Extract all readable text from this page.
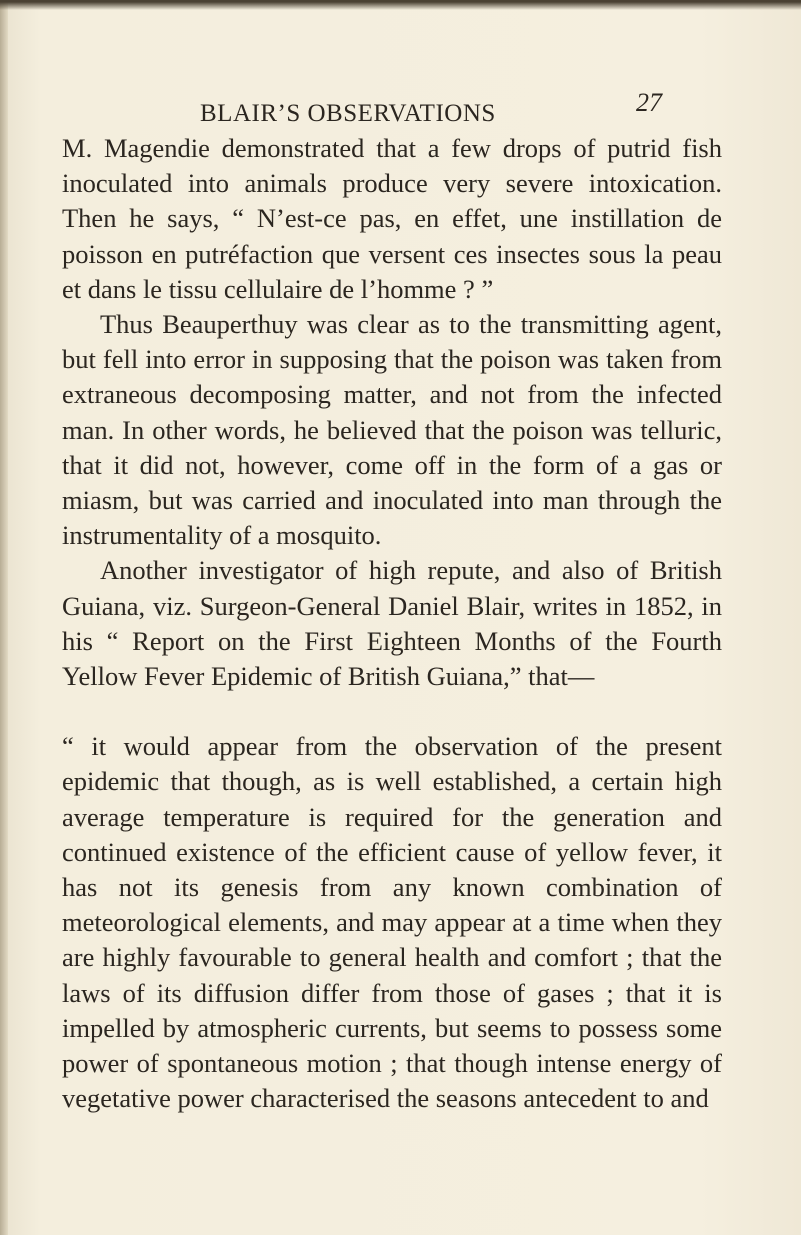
BLAIR’S OBSERVATIONS	27

M. Magendie demonstrated that a few drops of putrid fish inoculated into animals produce very severe intoxication. Then he says, “ N’est-ce pas, en effet, une instillation de poisson en putréfaction que versent ces insectes sous la peau et dans le tissu cellulaire de l’homme ? ”

Thus Beauperthuy was clear as to the transmitting agent, but fell into error in supposing that the poison was taken from extraneous decomposing matter, and not from the infected man. In other words, he believed that the poison was telluric, that it did not, however, come off in the form of a gas or miasm, but was carried and inoculated into man through the instrumentality of a mosquito.

Another investigator of high repute, and also of British Guiana, viz. Surgeon-General Daniel Blair, writes in 1852, in his “ Report on the First Eighteen Months of the Fourth Yellow Fever Epidemic of British Guiana,” that—

“ it would appear from the observation of the present epidemic that though, as is well established, a certain high average temperature is required for the generation and continued existence of the efficient cause of yellow fever, it has not its genesis from any known combination of meteorological elements, and may appear at a time when they are highly favourable to general health and comfort ; that the laws of its diffusion differ from those of gases ; that it is impelled by atmospheric currents, but seems to possess some power of spontaneous motion ; that though intense energy of vegetative power characterised the seasons antecedent to and
